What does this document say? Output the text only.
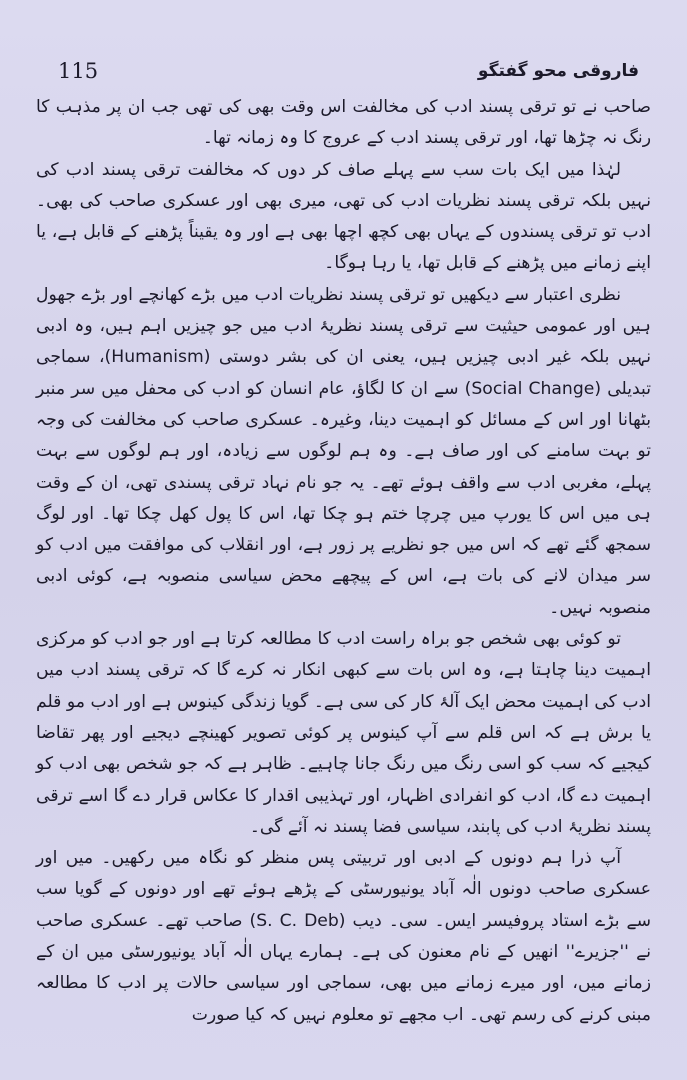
115	فاروقی محو گفتگو

صاحب نے تو ترقی پسند ادب کی مخالفت اس وقت بھی کی تھی جب ان پر مذہب کا رنگ نہ چڑھا تھا، اور ترقی پسند ادب کے عروج کا وہ زمانہ تھا۔

لہٰذا میں ایک بات سب سے پہلے صاف کر دوں کہ مخالفت ترقی پسند ادب کی نہیں بلکہ ترقی پسند نظریات ادب کی تھی، میری بھی اور عسکری صاحب کی بھی۔ ادب تو ترقی پسندوں کے یہاں بھی کچھ اچھا بھی ہے اور وہ یقیناً پڑھنے کے قابل ہے، یا اپنے زمانے میں پڑھنے کے قابل تھا، یا رہا ہوگا۔

نظری اعتبار سے دیکھیں تو ترقی پسند نظریات ادب میں بڑے کھانچے اور بڑے جھول ہیں اور عمومی حیثیت سے ترقی پسند نظریۂ ادب میں جو چیزیں اہم ہیں، وہ ادبی نہیں بلکہ غیر ادبی چیزیں ہیں، یعنی ان کی بشر دوستی (Humanism)، سماجی تبدیلی (Social Change) سے ان کا لگاؤ، عام انسان کو ادب کی محفل میں سر منبر بٹھانا اور اس کے مسائل کو اہمیت دینا، وغیرہ۔ عسکری صاحب کی مخالفت کی وجہ تو بہت سامنے کی اور صاف ہے۔ وہ ہم لوگوں سے زیادہ، اور ہم لوگوں سے بہت پہلے، مغربی ادب سے واقف ہوئے تھے۔ یہ جو نام نہاد ترقی پسندی تھی، ان کے وقت ہی میں اس کا یورپ میں چرچا ختم ہو چکا تھا، اس کا پول کھل چکا تھا۔ اور لوگ سمجھ گئے تھے کہ اس میں جو نظریے پر زور ہے، اور انقلاب کی موافقت میں ادب کو سر میدان لانے کی بات ہے، اس کے پیچھے محض سیاسی منصوبہ ہے، کوئی ادبی منصوبہ نہیں۔

تو کوئی بھی شخص جو براہ راست ادب کا مطالعہ کرتا ہے اور جو ادب کو مرکزی اہمیت دینا چاہتا ہے، وہ اس بات سے کبھی انکار نہ کرے گا کہ ترقی پسند ادب میں ادب کی اہمیت محض ایک آلۂ کار کی سی ہے۔ گویا زندگی کینوس ہے اور ادب مو قلم یا برش ہے کہ اس قلم سے آپ کینوس پر کوئی تصویر کھینچے دیجیے اور پھر تقاضا کیجیے کہ سب کو اسی رنگ میں رنگ جانا چاہیے۔ ظاہر ہے کہ جو شخص بھی ادب کو اہمیت دے گا، ادب کو انفرادی اظہار، اور تہذیبی اقدار کا عکاس قرار دے گا اسے ترقی پسند نظریۂ ادب کی پابند، سیاسی فضا پسند نہ آئے گی۔

آپ ذرا ہم دونوں کے ادبی اور تربیتی پس منظر کو نگاہ میں رکھیں۔ میں اور عسکری صاحب دونوں الٰہ آباد یونیورسٹی کے پڑھے ہوئے تھے اور دونوں کے گویا سب سے بڑے استاد پروفیسر ایس۔ سی۔ دیب (S. C. Deb) صاحب تھے۔ عسکری صاحب نے ''جزیرے'' انھیں کے نام معنون کی ہے۔ ہمارے یہاں الٰہ آباد یونیورسٹی میں ان کے زمانے میں، اور میرے زمانے میں بھی، سماجی اور سیاسی حالات پر ادب کا مطالعہ مبنی کرنے کی رسم تھی۔ اب مجھے تو معلوم نہیں کہ کیا صورت
